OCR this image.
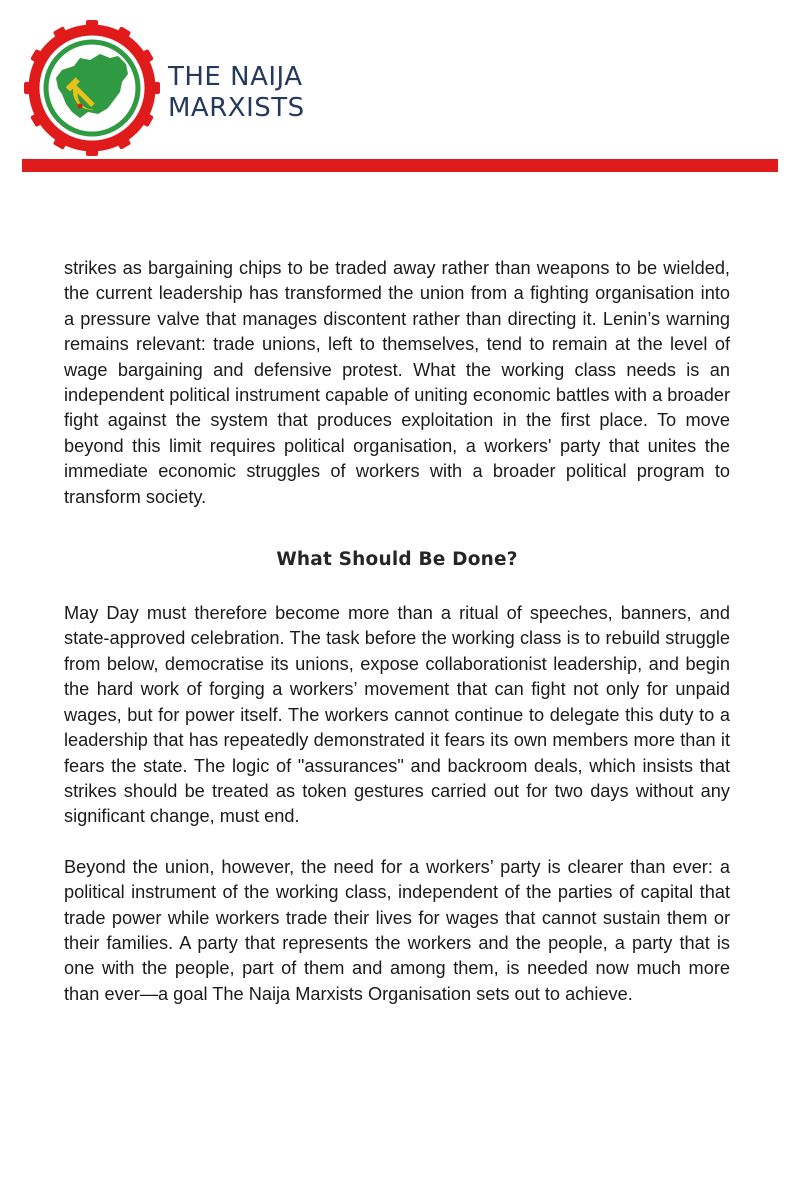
THE NAIJA
MARXISTS

strikes as bargaining chips to be traded away rather than weapons to be wielded, the current leadership has transformed the union from a fighting organisation into a pressure valve that manages discontent rather than directing it. Lenin’s warning remains relevant: trade unions, left to themselves, tend to remain at the level of wage bargaining and defensive protest. What the working class needs is an independent political instrument capable of uniting economic battles with a broader fight against the system that produces exploitation in the first place. To move beyond this limit requires political organisation, a workers' party that unites the immediate economic struggles of workers with a broader political program to transform society.

What Should Be Done?

May Day must therefore become more than a ritual of speeches, banners, and state-approved celebration. The task before the working class is to rebuild struggle from below, democratise its unions, expose collaborationist leadership, and begin the hard work of forging a workers’ movement that can fight not only for unpaid wages, but for power itself. The workers cannot continue to delegate this duty to a leadership that has repeatedly demonstrated it fears its own members more than it fears the state. The logic of "assurances" and backroom deals, which insists that strikes should be treated as token gestures carried out for two days without any significant change, must end.

Beyond the union, however, the need for a workers’ party is clearer than ever: a political instrument of the working class, independent of the parties of capital that trade power while workers trade their lives for wages that cannot sustain them or their families. A party that represents the workers and the people, a party that is one with the people, part of them and among them, is needed now much more than ever—a goal The Naija Marxists Organisation sets out to achieve.
